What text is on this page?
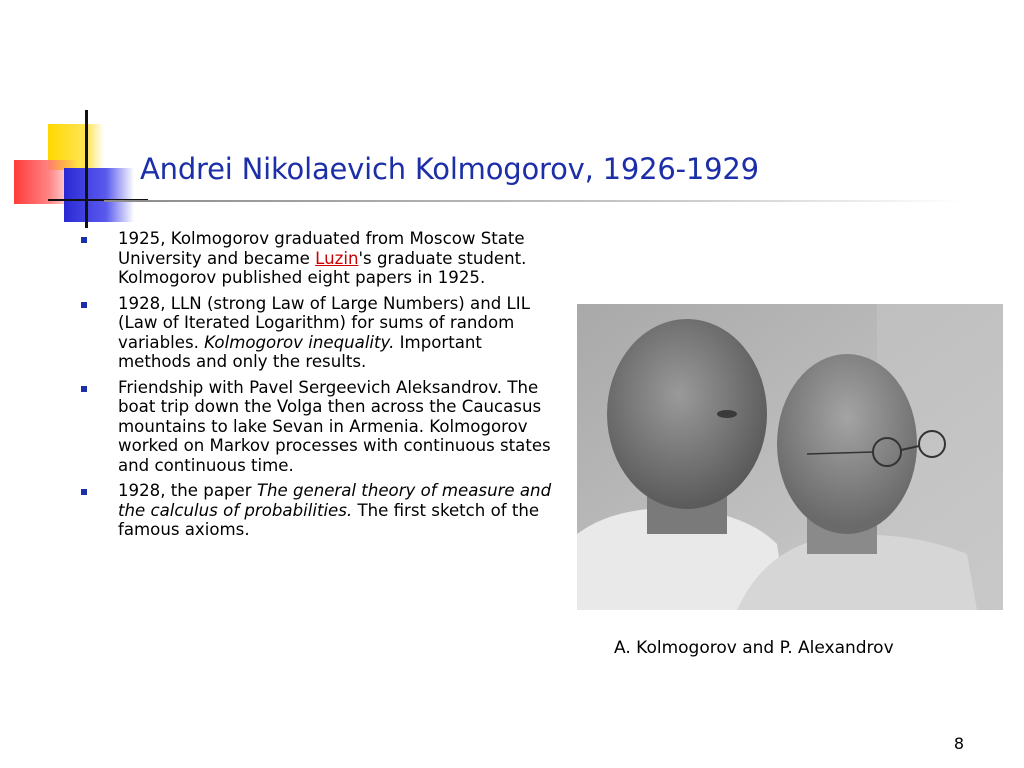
Andrei Nikolaevich Kolmogorov, 1926-1929
1925, Kolmogorov graduated from Moscow State University and became Luzin's graduate student. Kolmogorov published eight papers in 1925.
1928, LLN (strong Law of Large Numbers) and LIL (Law of Iterated Logarithm) for sums of random variables. Kolmogorov inequality. Important methods and only the results.
Friendship with Pavel Sergeevich Aleksandrov. The boat trip down the Volga then across the Caucasus mountains to lake Sevan in Armenia. Kolmogorov worked on Markov processes with continuous states and continuous time.
1928, the paper The general theory of measure and the calculus of probabilities. The first sketch of the famous axioms.
A. Kolmogorov and P. Alexandrov
8
